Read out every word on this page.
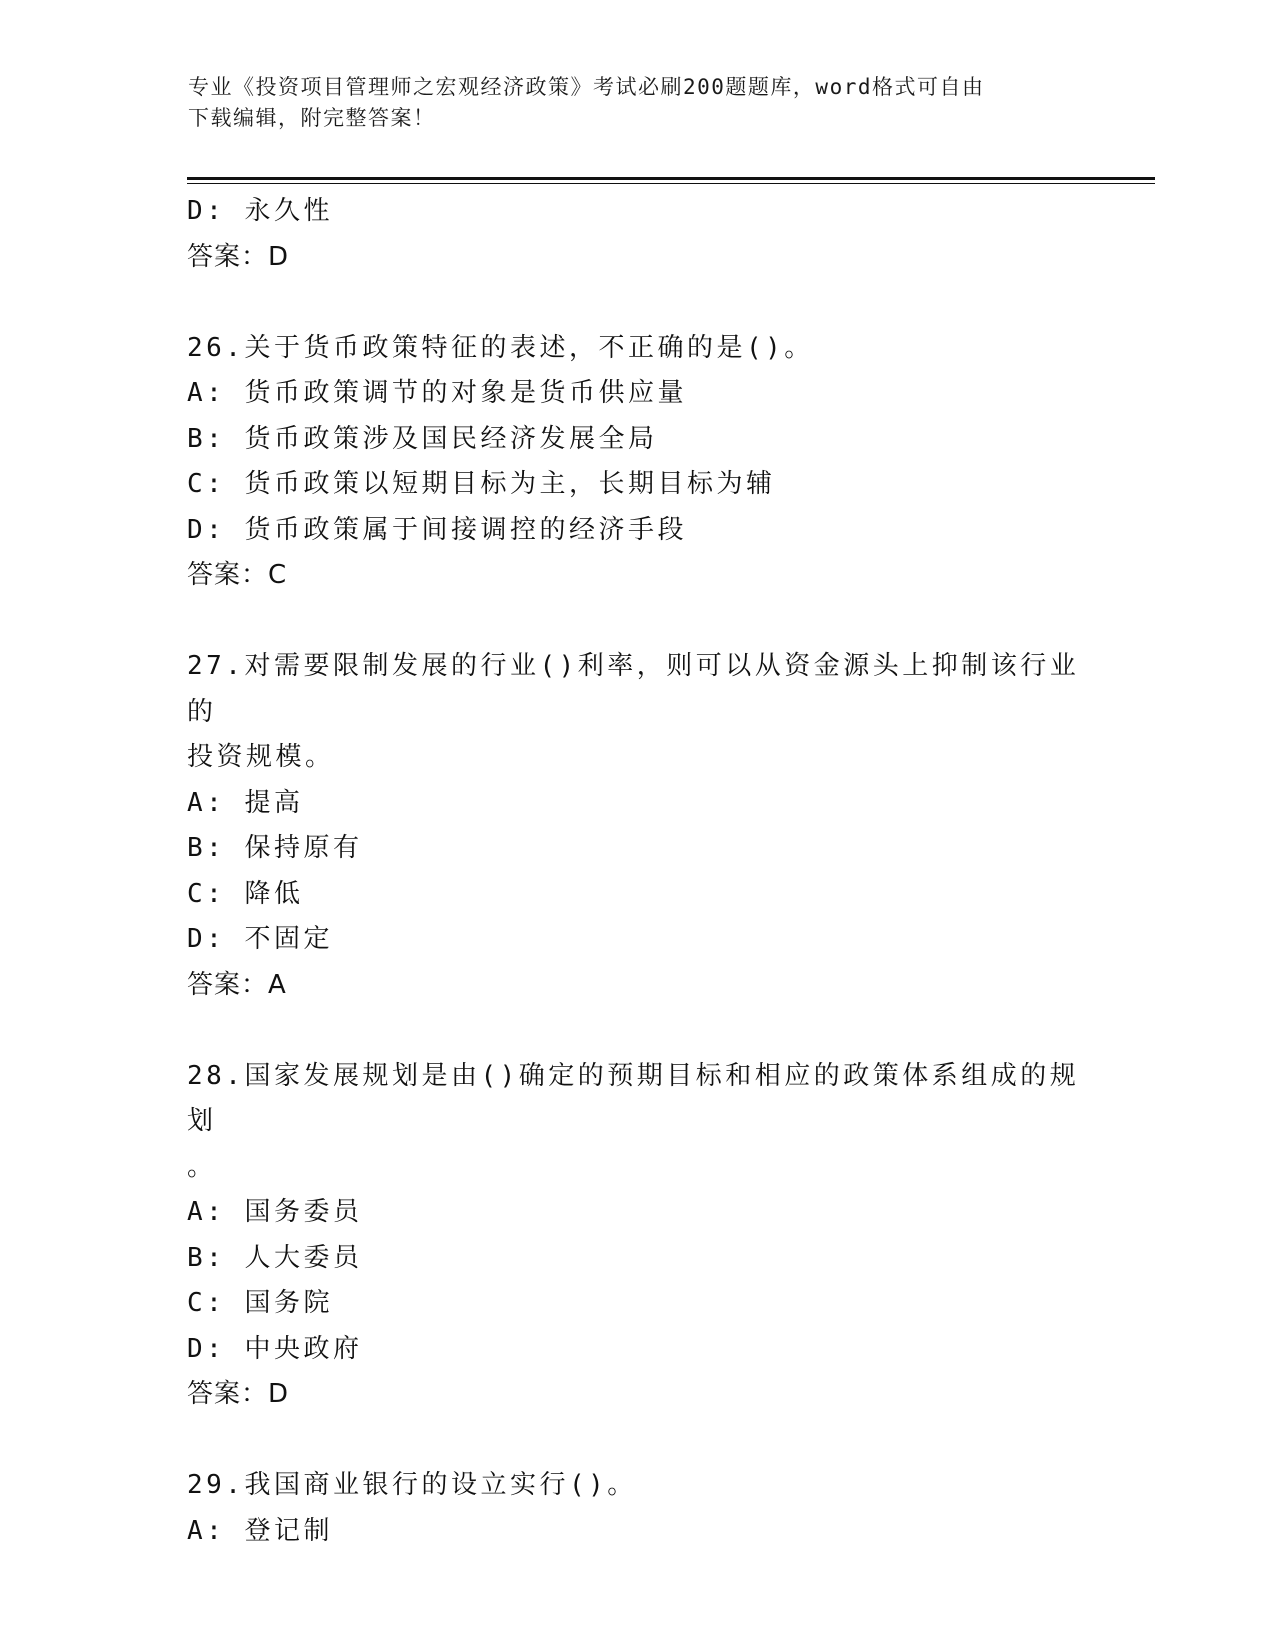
专业《投资项目管理师之宏观经济政策》考试必刷200题题库，word格式可自由
下载编辑，附完整答案！

D: 永久性

答案：D

26.关于货币政策特征的表述，不正确的是()。

A: 货币政策调节的对象是货币供应量

B: 货币政策涉及国民经济发展全局

C: 货币政策以短期目标为主，长期目标为辅

D: 货币政策属于间接调控的经济手段

答案：C

27.对需要限制发展的行业()利率，则可以从资金源头上抑制该行业的

投资规模。

A: 提高

B: 保持原有

C: 降低

D: 不固定

答案：A

28.国家发展规划是由()确定的预期目标和相应的政策体系组成的规划

。

A: 国务委员

B: 人大委员

C: 国务院

D: 中央政府

答案：D

29.我国商业银行的设立实行()。

A: 登记制
